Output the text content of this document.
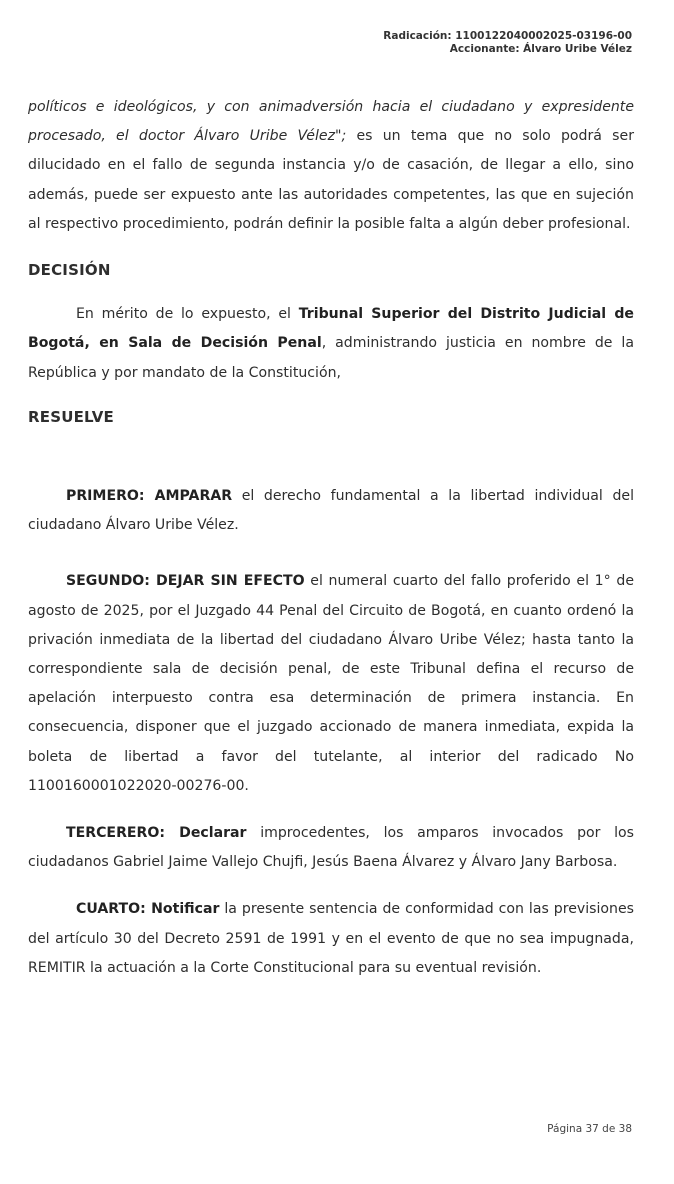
Radicación: 1100122040002025-03196-00
Accionante: Álvaro Uribe Vélez

políticos e ideológicos, y con animadversión hacia el ciudadano y expresidente procesado, el doctor Álvaro Uribe Vélez"; es un tema que no solo podrá ser dilucidado en el fallo de segunda instancia y/o de casación, de llegar a ello, sino además, puede ser expuesto ante las autoridades competentes, las que en sujeción al respectivo procedimiento, podrán definir la posible falta a algún deber profesional.

DECISIÓN

En mérito de lo expuesto, el Tribunal Superior del Distrito Judicial de Bogotá, en Sala de Decisión Penal, administrando justicia en nombre de la República y por mandato de la Constitución,

RESUELVE

PRIMERO: AMPARAR el derecho fundamental a la libertad individual del ciudadano Álvaro Uribe Vélez.

SEGUNDO: DEJAR SIN EFECTO el numeral cuarto del fallo proferido el 1° de agosto de 2025, por el Juzgado 44 Penal del Circuito de Bogotá, en cuanto ordenó la privación inmediata de la libertad del ciudadano Álvaro Uribe Vélez; hasta tanto la correspondiente sala de decisión penal, de este Tribunal defina el recurso de apelación interpuesto contra esa determinación de primera instancia. En consecuencia, disponer que el juzgado accionado de manera inmediata, expida la boleta de libertad a favor del tutelante, al interior del radicado No 1100160001022020-00276-00.

TERCERERO: Declarar improcedentes, los amparos invocados por los ciudadanos Gabriel Jaime Vallejo Chujfi, Jesús Baena Álvarez y Álvaro Jany Barbosa.

CUARTO: Notificar la presente sentencia de conformidad con las previsiones del artículo 30 del Decreto 2591 de 1991 y en el evento de que no sea impugnada, REMITIR la actuación a la Corte Constitucional para su eventual revisión.

Página 37 de 38
